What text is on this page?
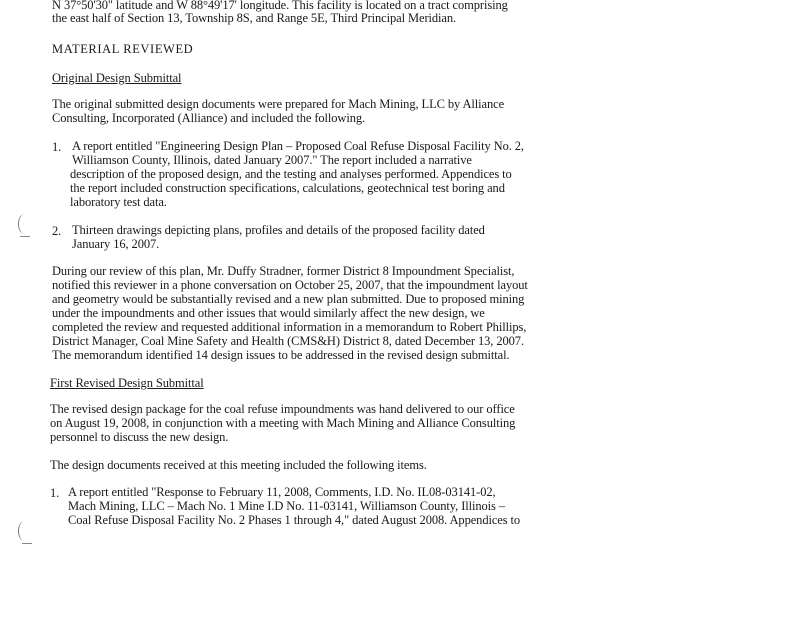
N 37°50'30" latitude and W 88°49'17' longitude. This facility is located on a tract comprising
the east half of Section 13, Township 8S, and Range 5E, Third Principal Meridian.
MATERIAL REVIEWED
Original Design Submittal
The original submitted design documents were prepared for Mach Mining, LLC by Alliance
Consulting, Incorporated (Alliance) and included the following.
1. A report entitled "Engineering Design Plan – Proposed Coal Refuse Disposal Facility No. 2,
Williamson County, Illinois, dated January 2007." The report included a narrative
description of the proposed design, and the testing and analyses performed. Appendices to
the report included construction specifications, calculations, geotechnical test boring and
laboratory test data.
2. Thirteen drawings depicting plans, profiles and details of the proposed facility dated
January 16, 2007.
During our review of this plan, Mr. Duffy Stradner, former District 8 Impoundment Specialist,
notified this reviewer in a phone conversation on October 25, 2007, that the impoundment layout
and geometry would be substantially revised and a new plan submitted. Due to proposed mining
under the impoundments and other issues that would similarly affect the new design, we
completed the review and requested additional information in a memorandum to Robert Phillips,
District Manager, Coal Mine Safety and Health (CMS&H) District 8, dated December 13, 2007.
The memorandum identified 14 design issues to be addressed in the revised design submittal.
First Revised Design Submittal
The revised design package for the coal refuse impoundments was hand delivered to our office
on August 19, 2008, in conjunction with a meeting with Mach Mining and Alliance Consulting
personnel to discuss the new design.
The design documents received at this meeting included the following items.
1. A report entitled "Response to February 11, 2008, Comments, I.D. No. IL08-03141-02,
Mach Mining, LLC – Mach No. 1 Mine I.D No. 11-03141, Williamson County, Illinois –
Coal Refuse Disposal Facility No. 2 Phases 1 through 4," dated August 2008. Appendices to
